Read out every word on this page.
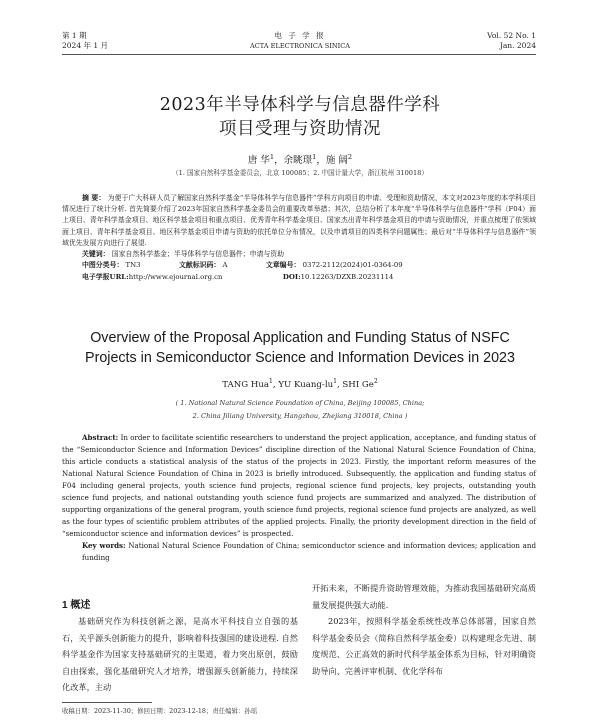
第 1 期
2024 年 1 月
电 子 学 报
ACTA ELECTRONICA SINICA
Vol. 52 No. 1
Jan. 2024
2023年半导体科学与信息器件学科
项目受理与资助情况
唐 华$^1$，余眺璟$^1$，施 阔$^2$
（1. 国家自然科学基金委员会，北京 100085；2. 中国计量大学，浙江杭州 310018）
摘 要： 为便于广大科研人员了解国家自然科学基金“半导体科学与信息器件”学科方向项目的申请、受理和资助情况，本文对2023年度的本学科项目情况进行了统计分析. 首先简要介绍了2023年国家自然科学基金委员会的重要改革举措；其次，总结分析了本年度“半导体科学与信息器件”学科（F04）面上项目、青年科学基金项目、地区科学基金项目和重点项目、优秀青年科学基金项目、国家杰出青年科学基金项目的申请与资助情况，并重点梳理了依领域面上项目、青年科学基金项目、地区科学基金项目申请与资助的依托单位分布情况，以及申请项目的四类科学问题属性；最后对“半导体科学与信息器件”领域优先发展方向进行了展望.
关键词： 国家自然科学基金；半导体科学与信息器件；申请与资助
中图分类号： TN3	文献标识码： A	文章编号： 0372-2112(2024)01-0364-09
电子学报URL:http://www.ejournal.org.cn	DOI:10.12263/DZXB.20231114
Overview of the Proposal Application and Funding Status of NSFC
Projects in Semiconductor Science and Information Devices in 2023
TANG Hua$^1$, YU Kuang-$lu^1$, SHI Ge$^2$
( 1. National Natural Science Foundation of China, Beijing 100085, China;
2. China Jiliang University, Hangzhou, Zhejiang 310018, China )
Abstract: In order to facilitate scientific researchers to understand the project application, acceptance, and funding status of the “Semiconductor Science and Information Devices” discipline direction of the National Natural Science Foundation of China, this article conducts a statistical analysis of the status of the projects in 2023. Firstly, the important reform measures of the National Natural Science Foundation of China in 2023 is briefly introduced. Subsequently, the application and funding status of F04 including general projects, youth science fund projects, regional science fund projects, key projects, outstanding youth science fund projects, and national outstanding youth science fund projects are summarized and analyzed. The distribution of supporting organizations of the general program, youth science fund projects, regional science fund projects are analyzed, as well as the four types of scientific problem attributes of the applied projects. Finally, the priority development direction in the field of “semiconductor science and information devices” is prospected.
Key words: National Natural Science Foundation of China; semiconductor science and information devices; application and funding
1 概述
基础研究作为科技创新之源，是高水平科技自立自强的基石，关乎源头创新能力的提升，影响着科技强国的建设进程. 自然科学基金作为国家支持基础研究的主渠道，着力突出原创，鼓励自由探索，强化基础研究人才培养，增强源头创新能力，持续深化改革，主动
开拓未来，不断提升资助管理效能，为推动我国基础研究高质量发展提供强大动能.
2023年，按照科学基金系统性改革总体部署，国家自然科学基金委员会（简称自然科学基金委）以构建理念先进、制度规范、公正高效的新时代科学基金体系为目标，针对明确资助导向、完善评审机制、优化学科布
收稿日期：2023-11-30；修回日期：2023-12-18；责任编辑：孙瑶
